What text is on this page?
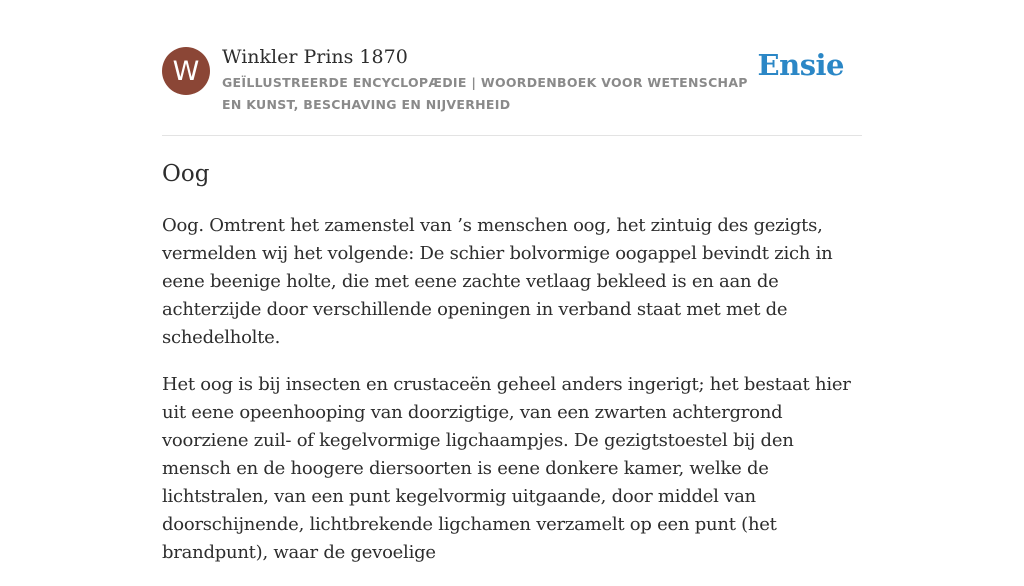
W	Winkler Prins 1870
GEÏLLUSTREERDE ENCYCLOPÆDIE | WOORDENBOEK VOOR WETENSCHAP EN KUNST, BESCHAVING EN NIJVERHEID
Ensie
Oog

Oog. Omtrent het zamenstel van ’s menschen oog, het zintuig des gezigts, vermelden wij het volgende: De schier bolvormige oogappel bevindt zich in eene beenige holte, die met eene zachte vetlaag bekleed is en aan de achterzijde door verschillende openingen in verband staat met met de schedelholte.

Het oog is bij insecten en crustaceën geheel anders ingerigt; het bestaat hier uit eene opeenhooping van doorzigtige, van een zwarten achtergrond voorziene zuil- of kegelvormige ligchaampjes. De gezigtstoestel bij den mensch en de hoogere diersoorten is eene donkere kamer, welke de lichtstralen, van een punt kegelvormig uitgaande, door middel van doorschijnende, lichtbrekende ligchamen verzamelt op een punt (het brandpunt), waar de gevoelige
